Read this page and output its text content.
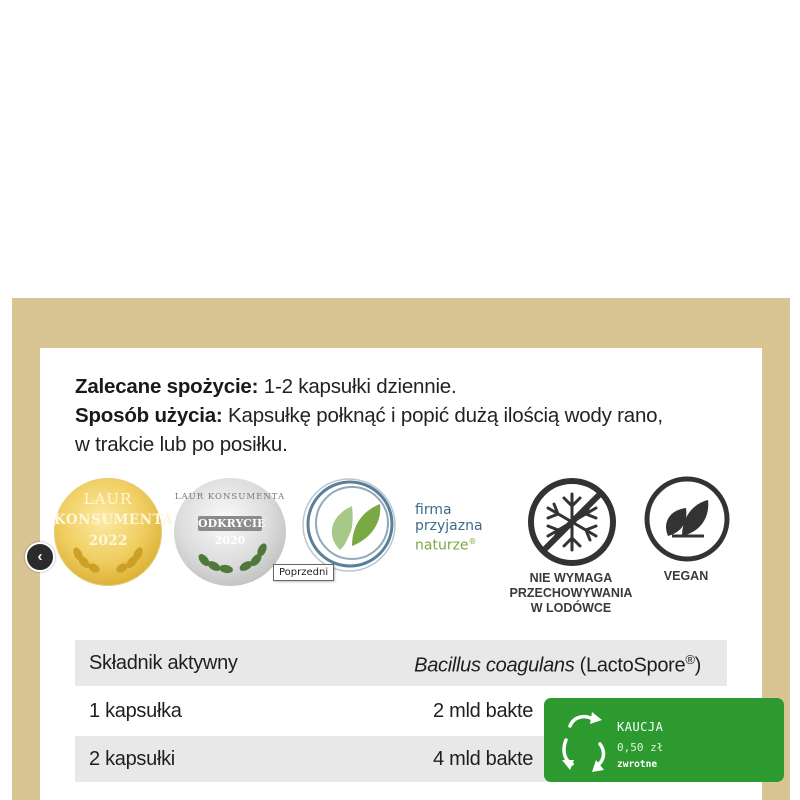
Zalecane spożycie: 1-2 kapsułki dziennie.

Sposób użycia: Kapsułkę połknąć i popić dużą ilością wody rano,

w trakcie lub po posiłku.

LAUR
KONSUMENTA
2022
LAUR KONSUMENTA
ODKRYCIE
2020
firma
przyjazna
naturze®
NIE WYMAGA
PRZECHOWYWANIA
W LODÓWCE
VEGAN
‹
Poprzedni
Składnik aktywny	Bacillus coagulans (LactoSpore®)
1 kapsułka	2 mld bakte
2 kapsułki	4 mld bakte
KAUCJA
0,50 zł
zwrotne
